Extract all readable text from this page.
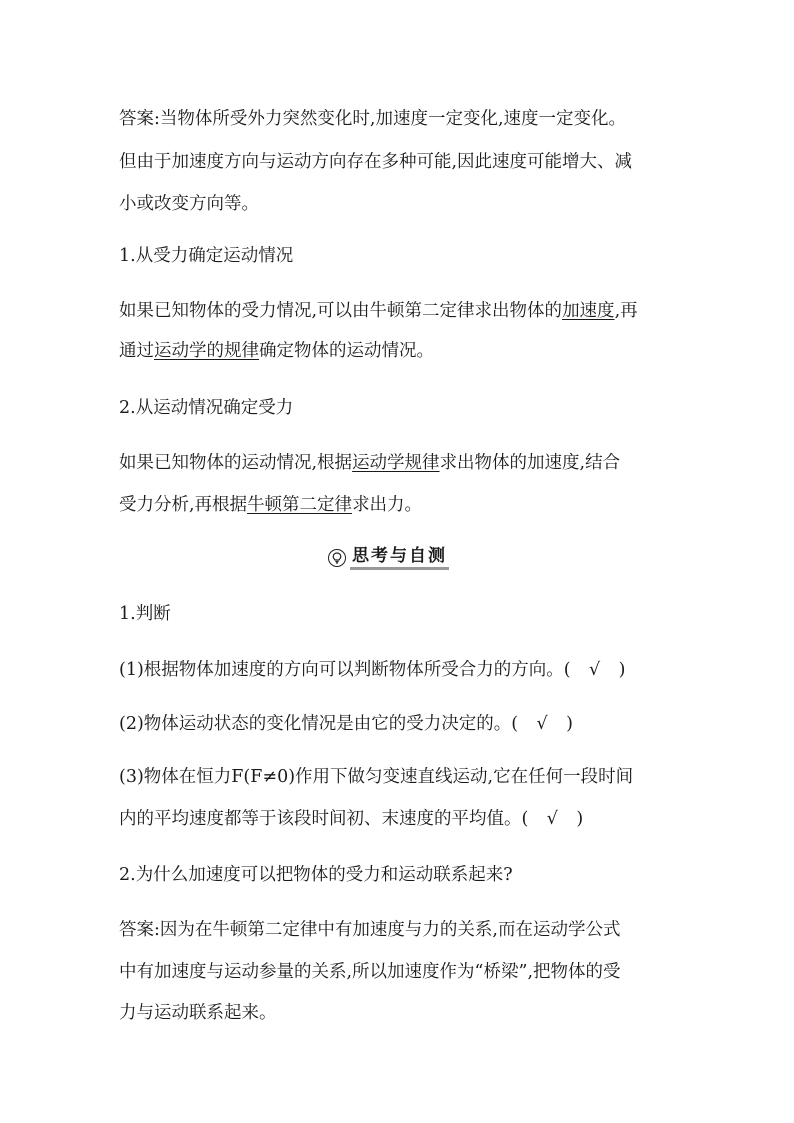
答案:当物体所受外力突然变化时,加速度一定变化,速度一定变化。
但由于加速度方向与运动方向存在多种可能,因此速度可能增大、减
小或改变方向等。
1.从受力确定运动情况
如果已知物体的受力情况,可以由牛顿第二定律求出物体的加速度,再
通过运动学的规律确定物体的运动情况。
2.从运动情况确定受力
如果已知物体的运动情况,根据运动学规律求出物体的加速度,结合
受力分析,再根据牛顿第二定律求出力。
思考与自测
1.判断
(1)根据物体加速度的方向可以判断物体所受合力的方向。( √ )
(2)物体运动状态的变化情况是由它的受力决定的。( √ )
(3)物体在恒力F(F≠0)作用下做匀变速直线运动,它在任何一段时间
内的平均速度都等于该段时间初、末速度的平均值。( √ )
2.为什么加速度可以把物体的受力和运动联系起来?
答案:因为在牛顿第二定律中有加速度与力的关系,而在运动学公式
中有加速度与运动参量的关系,所以加速度作为“桥梁”,把物体的受
力与运动联系起来。
